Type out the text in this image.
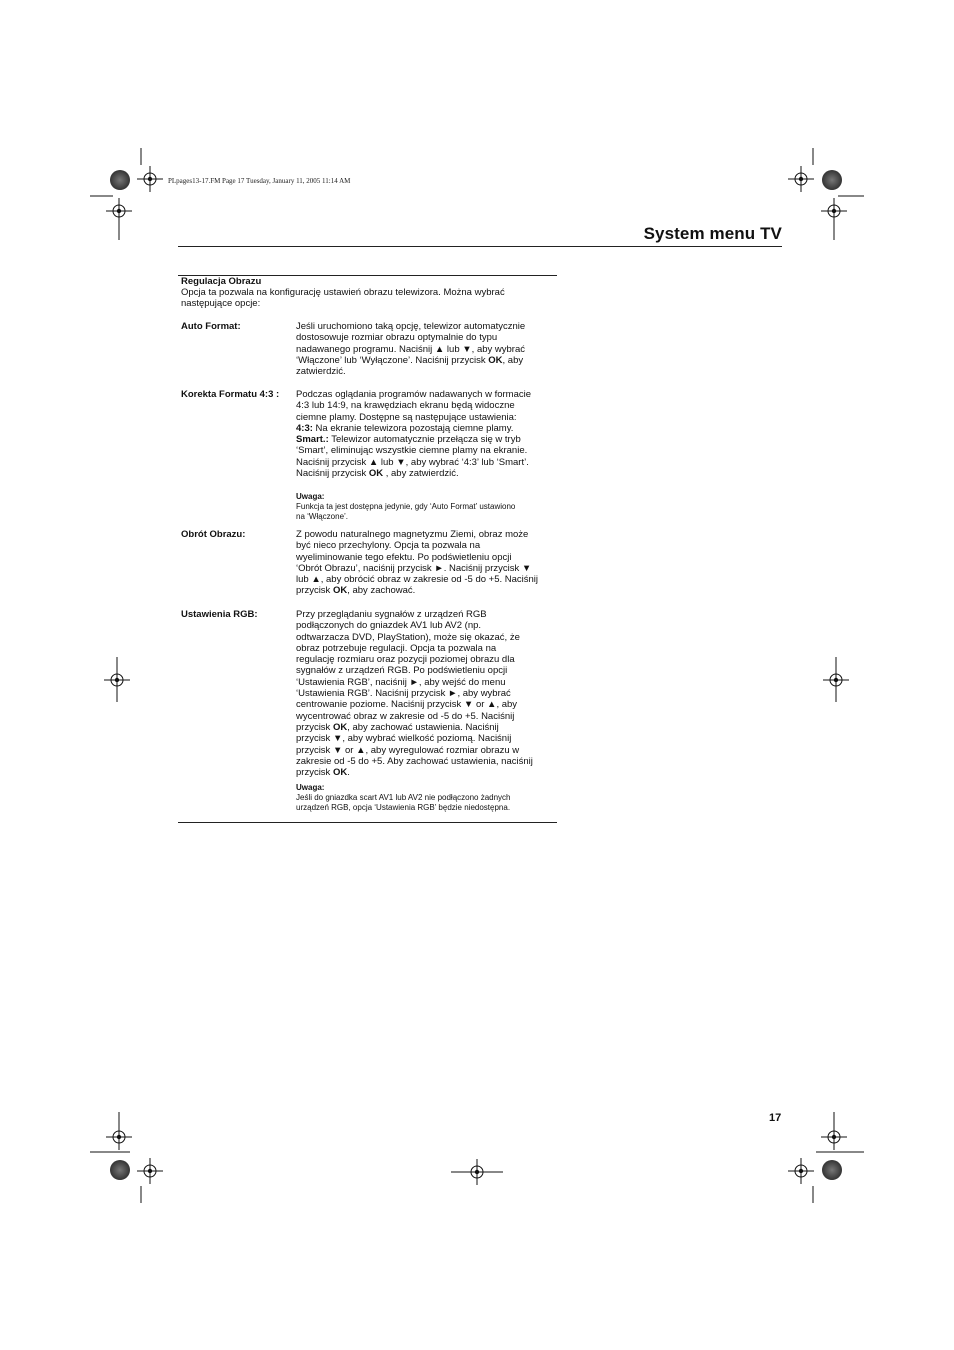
PLpages13-17.FM Page 17 Tuesday, January 11, 2005 11:14 AM
System menu TV
Regulacja Obrazu
Opcja ta pozwala na konfigurację ustawień obrazu telewizora. Można wybrać
następujące opcje:
Auto Format:	Jeśli uruchomiono taką opcję, telewizor automatycznie
dostosowuje rozmiar obrazu optymalnie do typu
nadawanego programu. Naciśnij ▲ lub ▼, aby wybrać
‘Włączone’ lub ‘Wyłączone’. Naciśnij przycisk OK, aby
zatwierdzić.
Korekta Formatu 4:3 : Podczas oglądania programów nadawanych w formacie
4:3 lub 14:9, na krawędziach ekranu będą widoczne
ciemne plamy. Dostępne są następujące ustawienia:
4:3: Na ekranie telewizora pozostają ciemne plamy.
Smart.: Telewizor automatycznie przełącza się w tryb
‘Smart’, eliminując wszystkie ciemne plamy na ekranie.
Naciśnij przycisk ▲ lub ▼, aby wybrać ‘4:3’ lub ‘Smart’.
Naciśnij przycisk OK , aby zatwierdzić.
Uwaga:
Funkcja ta jest dostępna jedynie, gdy ‘Auto Format’ ustawiono
na ‘Włączone’.
Obrót Obrazu:	Z powodu naturalnego magnetyzmu Ziemi, obraz może
być nieco przechylony. Opcja ta pozwala na
wyeliminowanie tego efektu. Po podświetleniu opcji
‘Obrót Obrazu’, naciśnij przycisk ►. Naciśnij przycisk ▼
lub ▲, aby obrócić obraz w zakresie od -5 do +5. Naciśnij
przycisk OK, aby zachować.
Ustawienia RGB:	Przy przeglądaniu sygnałów z urządzeń RGB
podłączonych do gniazdek AV1 lub AV2 (np.
odtwarzacza DVD, PlayStation), może się okazać, że
obraz potrzebuje regulacji. Opcja ta pozwala na
regulację rozmiaru oraz pozycji poziomej obrazu dla
sygnałów z urządzeń RGB. Po podświetleniu opcji
‘Ustawienia RGB’, naciśnij ►, aby wejść do menu
‘Ustawienia RGB’. Naciśnij przycisk ►, aby wybrać
centrowanie poziome. Naciśnij przycisk ▼ or ▲, aby
wycentrować obraz w zakresie od -5 do +5. Naciśnij
przycisk OK, aby zachować ustawienia. Naciśnij
przycisk ▼, aby wybrać wielkość poziomą. Naciśnij
przycisk ▼ or ▲, aby wyregulować rozmiar obrazu w
zakresie od -5 do +5. Aby zachować ustawienia, naciśnij
przycisk OK.
Uwaga:
Jeśli do gniazdka scart AV1 lub AV2 nie podłączono żadnych
urządzeń RGB, opcja ‘Ustawienia RGB’ będzie niedostępna.
17
